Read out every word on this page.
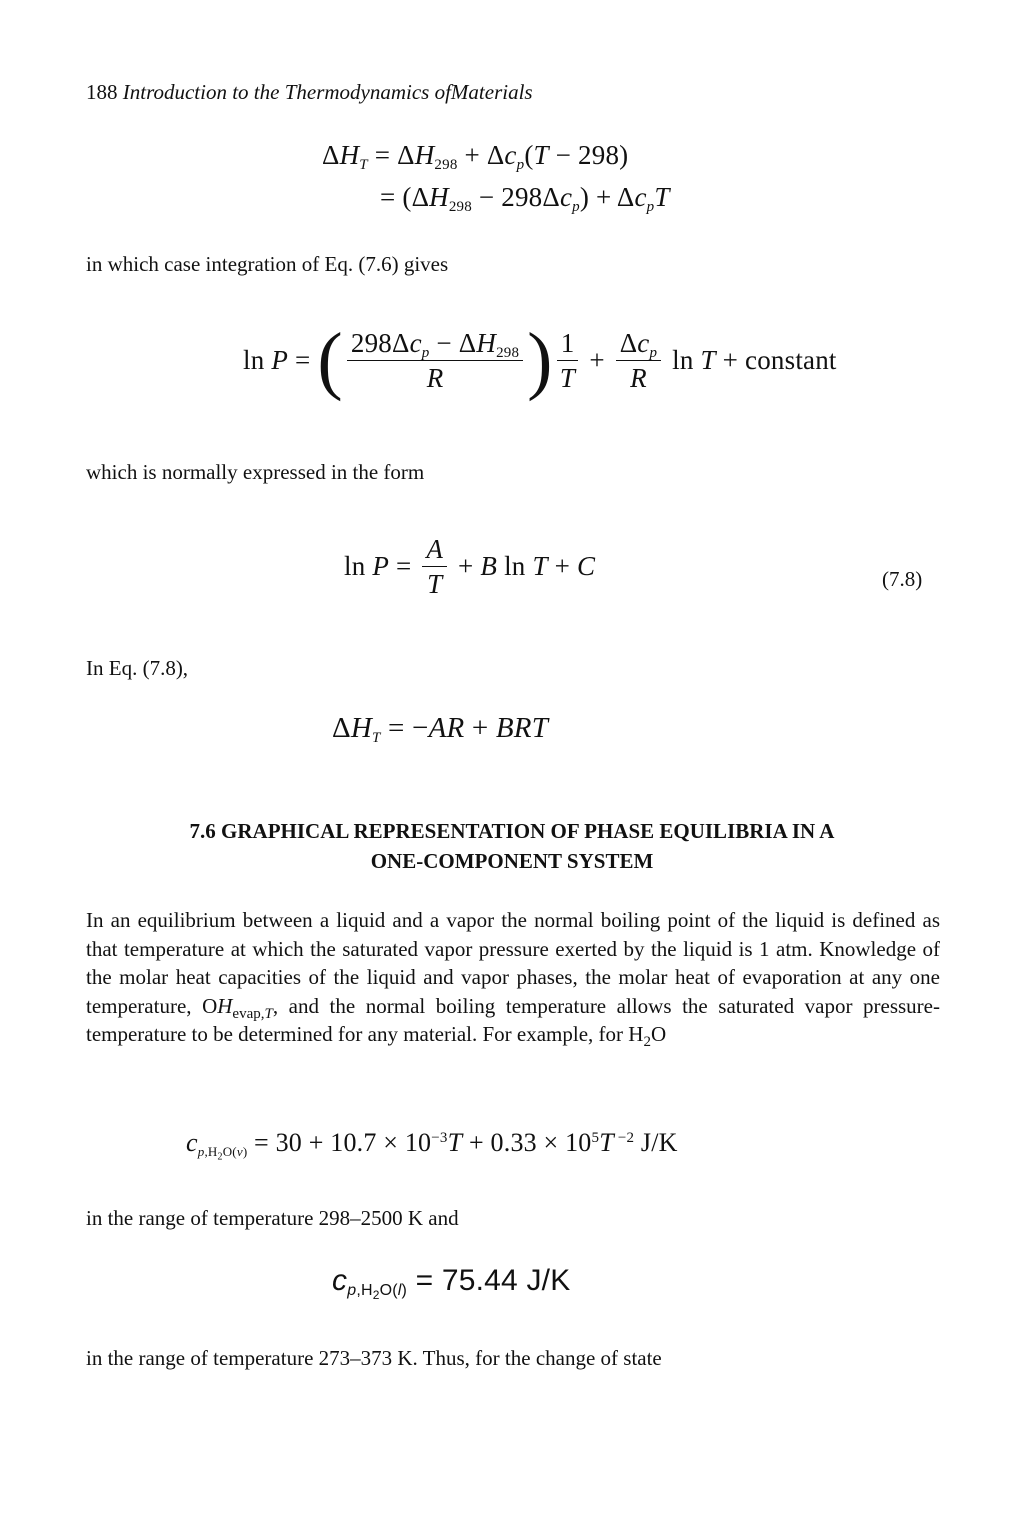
188 Introduction to the Thermodynamics ofMaterials
$\Delta H_T = \Delta H_{298} + \Delta c_p(T - 298)$
= $(\Delta H_{298} - 298\Delta c_p) + \Delta c_pT$
in which case integration of Eq. (7.6) gives
ln P = ( $\frac{298\Delta c_p - \Delta H_{298}}{R}$ ) $\frac{1}{T} + \frac{\Delta c_p}{R}$ ln T + constant
which is normally expressed in the form
$\ln P = \frac{A}{T} + B$ ln T + C	(7.8)
In Eq. (7.8),
$\Delta H_T = -AR$ + BRT
7.6 GRAPHICAL REPRESENTATION OF PHASE EQUILIBRIA IN A
ONE-COMPONENT SYSTEM
In an equilibrium between a liquid and a vapor the normal boiling point of the liquid is defined as that temperature at which the saturated vapor pressure exerted by the liquid is 1 atm. Knowledge of the molar heat capacities of the liquid and vapor phases, the molar heat of evaporation at any one temperature, $OH_{evap,T}$, and the normal boiling temperature allows the saturated vapor pressure-temperature to be determined for any material. For example, for $H_2O$
$c_{p,H_2O(v)} = 30 + 10.7 \times 10^{-3}T + 0.33 \times 10^5T$ $^{-2}$ J/K
in the range of temperature 298–2500 K and
$c_{p,H_2O(l)} = 75.44$ J/K
in the range of temperature 273–373 K. Thus, for the change of state
